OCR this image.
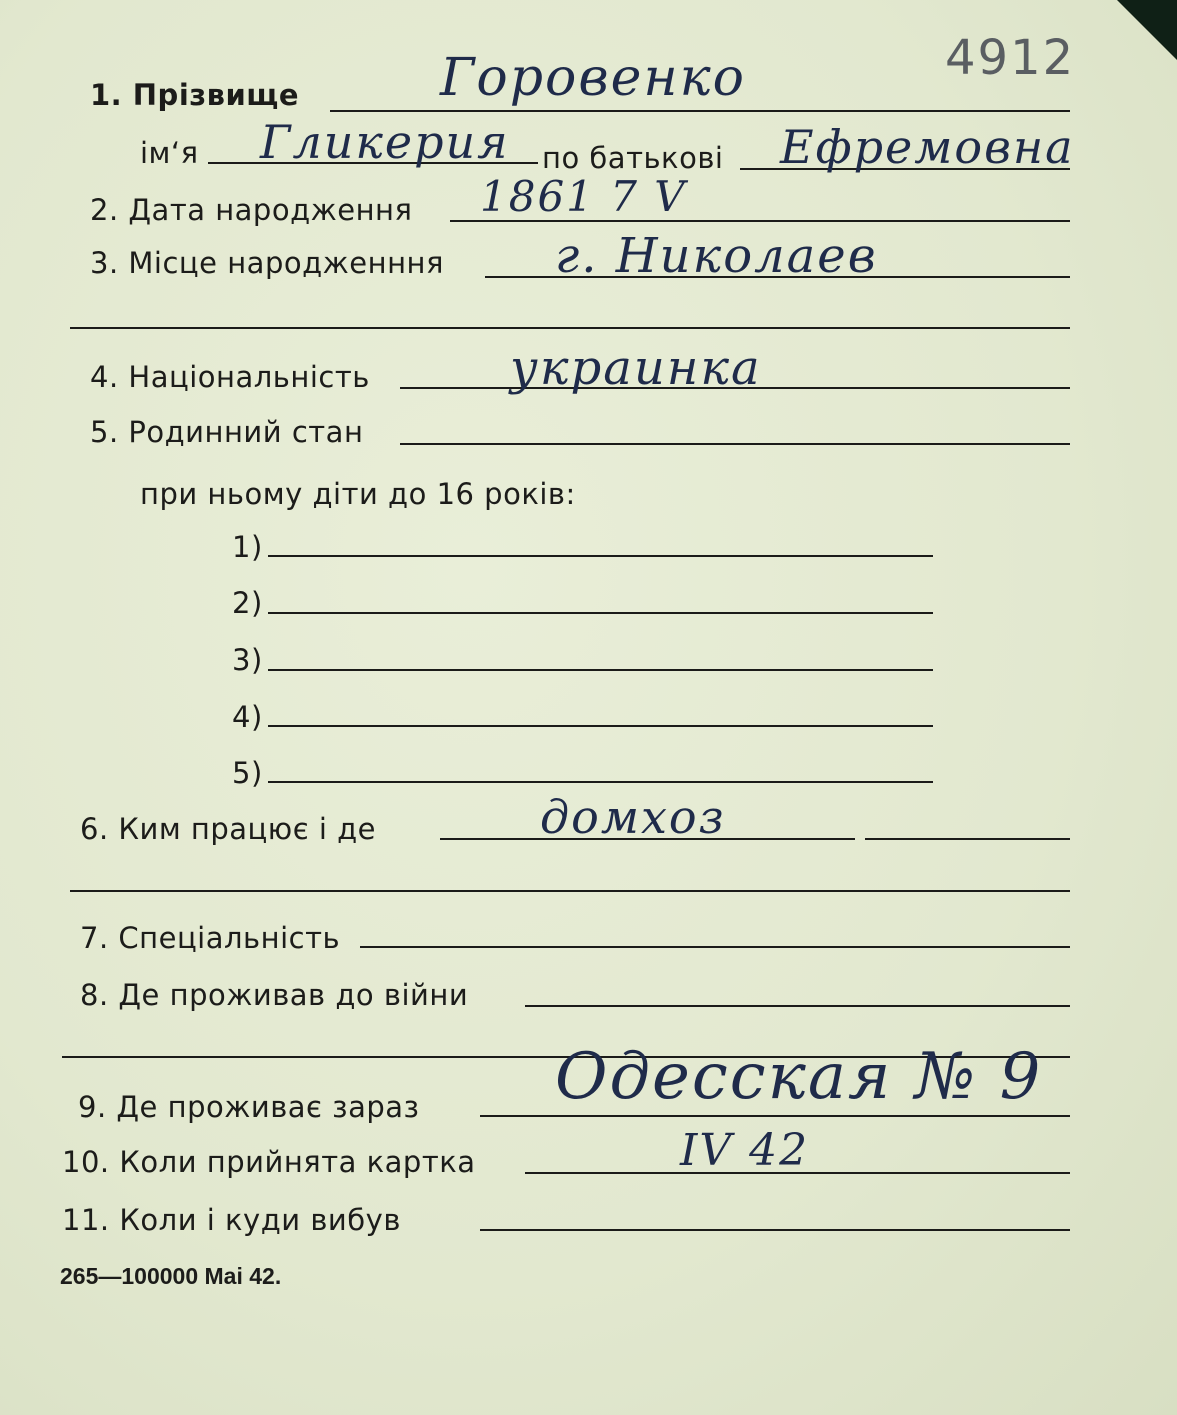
1. Прізвище	Горовенко	4912
ім‘я Гликерия по батькові Ефремовна
2. Дата народження 1861 7 V
3. Місце народженння г. Николаев
4. Національність	украинка
5. Родинний стан
при ньому діти до 16 років:
1)
2)
3)
4)
5)
6. Ким працює і де	домхоз
7. Спеціальність
8. Де проживав до війни
9. Де проживає зараз Одесская № 9
10. Коли прийнята картка	IV 42
11. Коли і куди вибув
265—100000 Mai 42.
